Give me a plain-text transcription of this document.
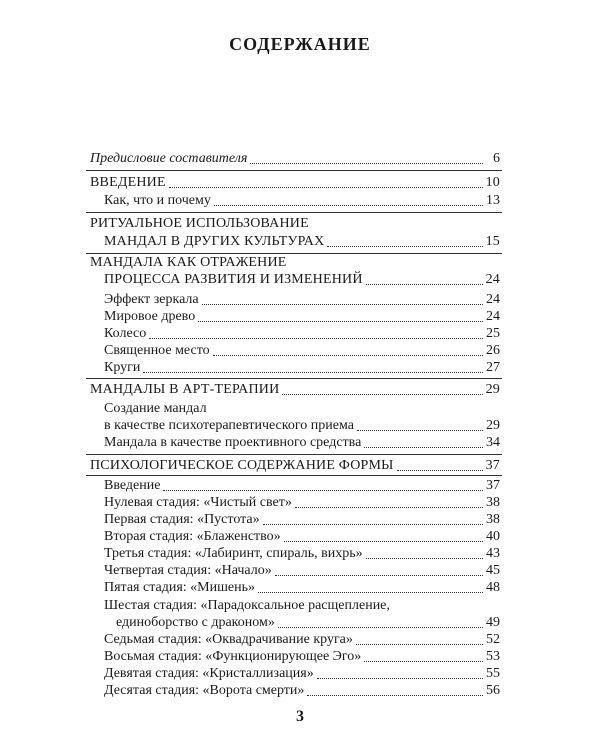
СОДЕРЖАНИЕ
Предисловие составителя	6
ВВЕДЕНИЕ	10
Как, что и почему	13
РИТУАЛЬНОЕ ИСПОЛЬЗОВАНИЕ
МАНДАЛ В ДРУГИХ КУЛЬТУРАХ	15
МАНДАЛА КАК ОТРАЖЕНИЕ
ПРОЦЕССА РАЗВИТИЯ И ИЗМЕНЕНИЙ	24
Эффект зеркала	24
Мировое древо	24
Колесо	25
Священное место	26
Круги	27
МАНДАЛЫ В АРТ-ТЕРАПИИ	29
Создание мандал
в качестве психотерапевтического приема	29
Мандала в качестве проективного средства	34
ПСИХОЛОГИЧЕСКОЕ СОДЕРЖАНИЕ ФОРМЫ	37
Введение	37
Нулевая стадия: «Чистый свет»	38
Первая стадия: «Пустота»	38
Вторая стадия: «Блаженство»	40
Третья стадия: «Лабиринт, спираль, вихрь»	43
Четвертая стадия: «Начало»	45
Пятая стадия: «Мишень»	48
Шестая стадия: «Парадоксальное расщепление,
единоборство с драконом»	49
Седьмая стадия: «Оквадрачивание круга»	52
Восьмая стадия: «Функционирующее Эго»	53
Девятая стадия: «Кристаллизация»	55
Десятая стадия: «Ворота смерти»	56
3
